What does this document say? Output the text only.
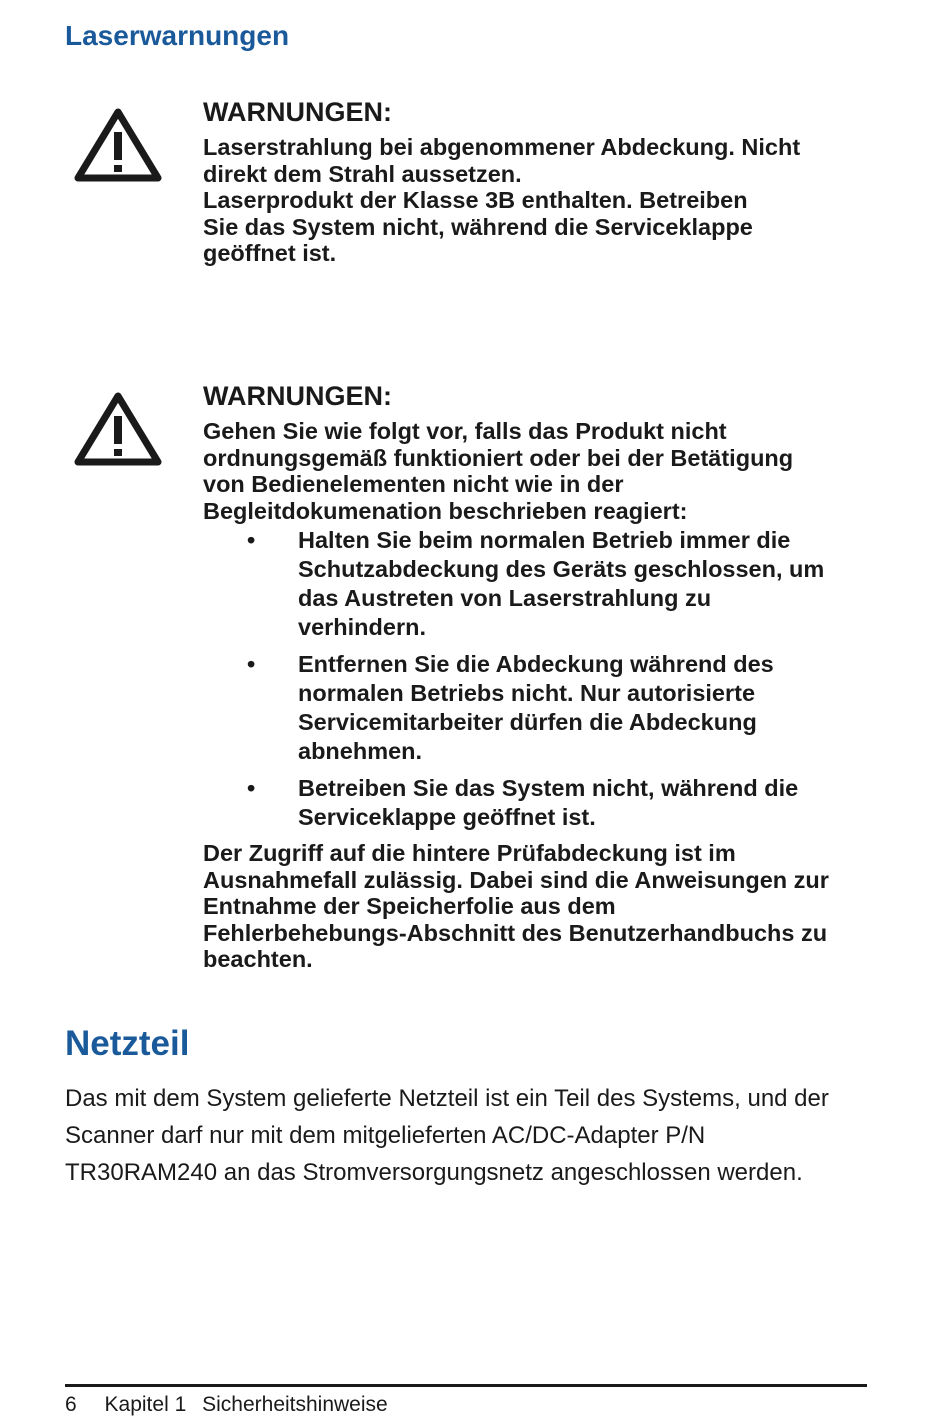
Laserwarnungen
WARNUNGEN:
Laserstrahlung bei abgenommener Abdeckung. Nicht
direkt dem Strahl aussetzen.
Laserprodukt der Klasse 3B enthalten. Betreiben
Sie das System nicht, während die Serviceklappe
geöffnet ist.
WARNUNGEN:
Gehen Sie wie folgt vor, falls das Produkt nicht
ordnungsgemäß funktioniert oder bei der Betätigung
von Bedienelementen nicht wie in der
Begleitdokumenation beschrieben reagiert:
• Halten Sie beim normalen Betrieb immer die
Schutzabdeckung des Geräts geschlossen, um
das Austreten von Laserstrahlung zu
verhindern.
• Entfernen Sie die Abdeckung während des
normalen Betriebs nicht. Nur autorisierte
Servicemitarbeiter dürfen die Abdeckung
abnehmen.
• Betreiben Sie das System nicht, während die
Serviceklappe geöffnet ist.
Der Zugriff auf die hintere Prüfabdeckung ist im
Ausnahmefall zulässig. Dabei sind die Anweisungen zur
Entnahme der Speicherfolie aus dem
Fehlerbehebungs-Abschnitt des Benutzerhandbuchs zu
beachten.
Netzteil
Das mit dem System gelieferte Netzteil ist ein Teil des Systems, und der
Scanner darf nur mit dem mitgelieferten AC/DC-Adapter P/N
TR30RAM240 an das Stromversorgungsnetz angeschlossen werden.
6 Kapitel 1 Sicherheitshinweise
